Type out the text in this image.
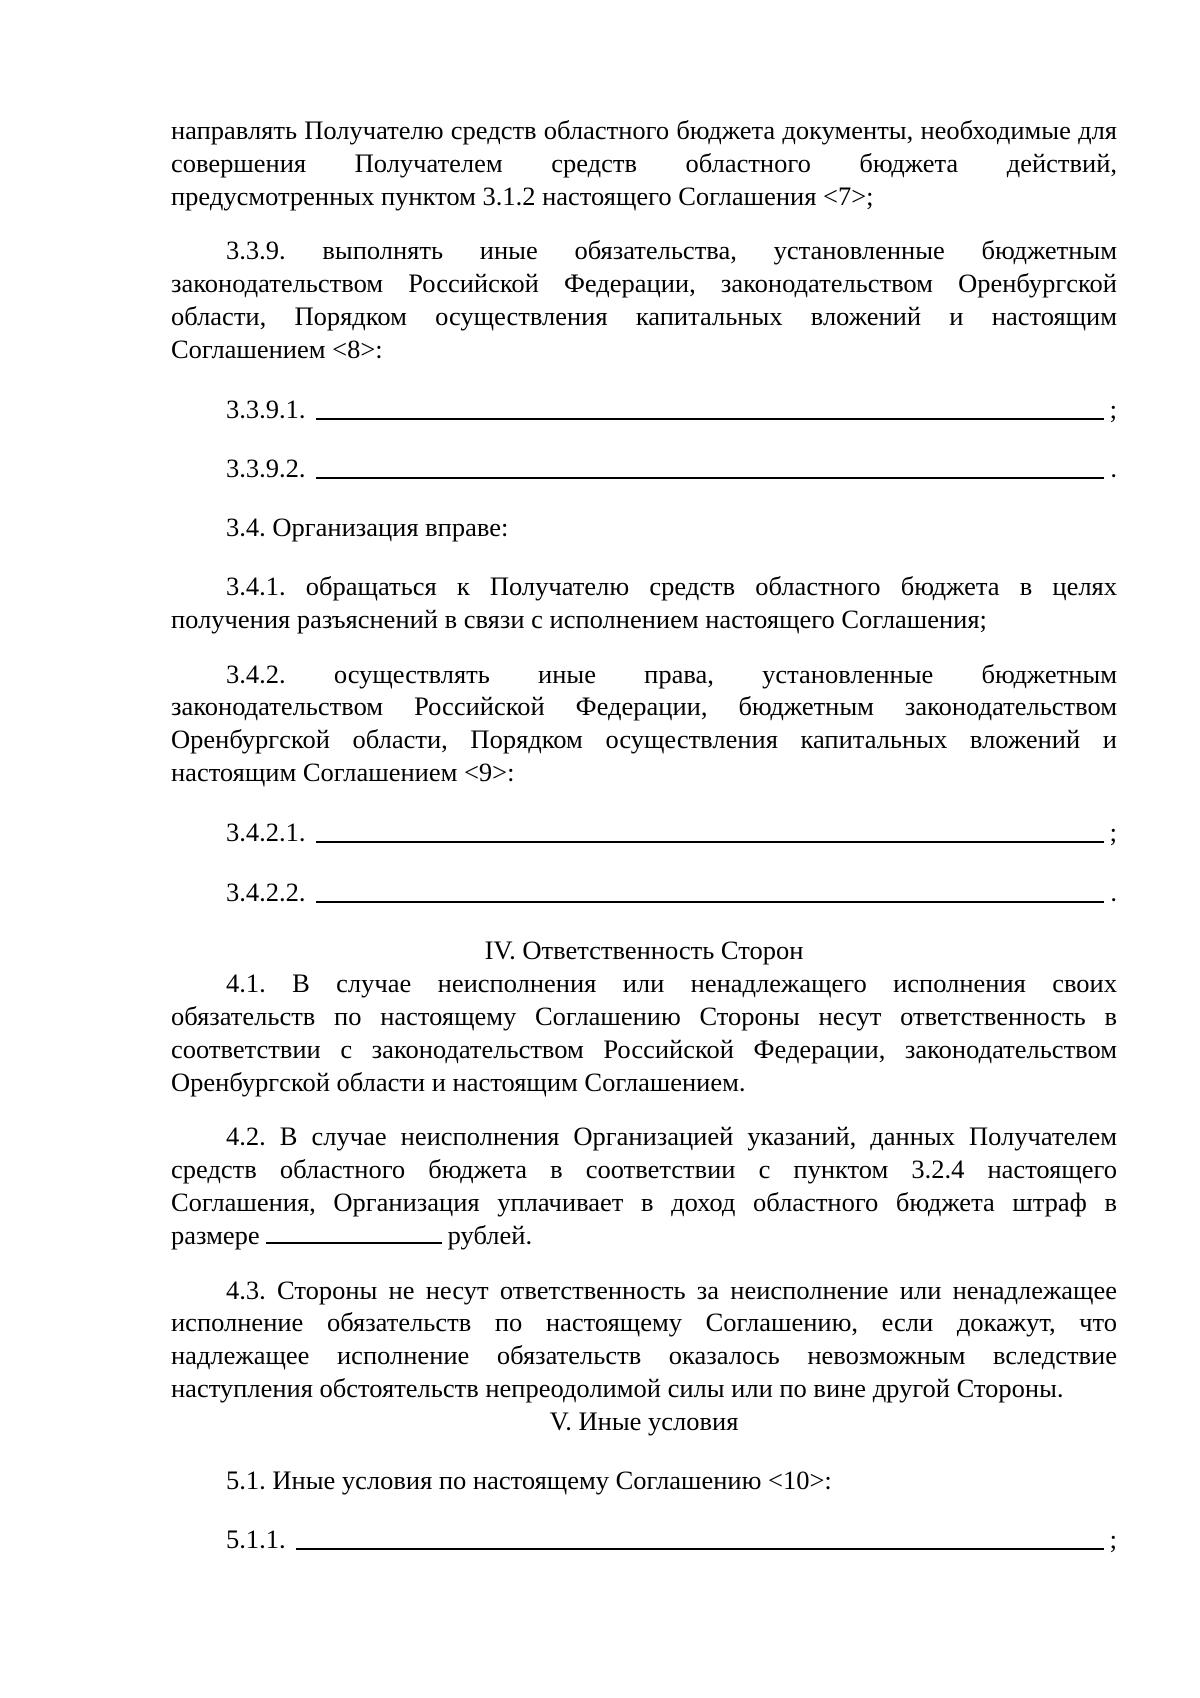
направлять Получателю средств областного бюджета документы, необходимые для совершения Получателем средств областного бюджета действий, предусмотренных пунктом 3.1.2 настоящего Соглашения <7>;

3.3.9. выполнять иные обязательства, установленные бюджетным законодательством Российской Федерации, законодательством Оренбургской области, Порядком осуществления капитальных вложений и настоящим Соглашением <8>:

3.3.9.1.	;
3.3.9.2.	.

3.4. Организация вправе:

3.4.1. обращаться к Получателю средств областного бюджета в целях получения разъяснений в связи с исполнением настоящего Соглашения;

3.4.2. осуществлять иные права, установленные бюджетным законодательством Российской Федерации, бюджетным законодательством Оренбургской области, Порядком осуществления капитальных вложений и настоящим Соглашением <9>:

3.4.2.1.	;
3.4.2.2.	.

IV. Ответственность Сторон

4.1. В случае неисполнения или ненадлежащего исполнения своих обязательств по настоящему Соглашению Стороны несут ответственность в соответствии с законодательством Российской Федерации, законодательством Оренбургской области и настоящим Соглашением.

4.2. В случае неисполнения Организацией указаний, данных Получателем средств областного бюджета в соответствии с пунктом 3.2.4 настоящего Соглашения, Организация уплачивает в доход областного бюджета штраф в размере	рублей.

4.3. Стороны не несут ответственность за неисполнение или ненадлежащее исполнение обязательств по настоящему Соглашению, если докажут, что надлежащее исполнение обязательств оказалось невозможным вследствие наступления обстоятельств непреодолимой силы или по вине другой Стороны.

V. Иные условия

5.1. Иные условия по настоящему Соглашению <10>:

5.1.1.	;
